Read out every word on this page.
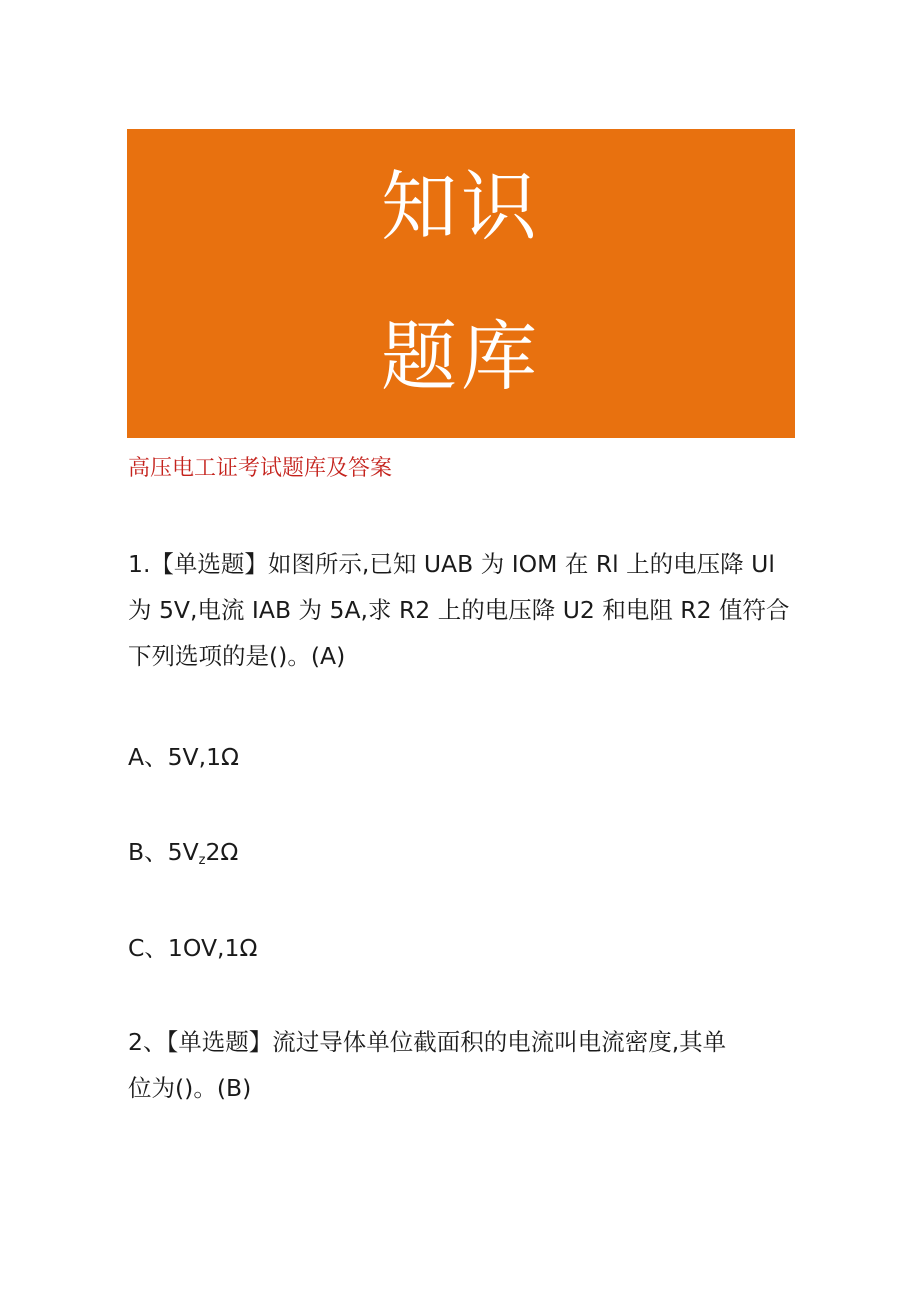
知识
题库
高压电工证考试题库及答案
1.【单选题】如图所示,已知 UAB 为 IOM 在 Rl 上的电压降 Ul
为 5V,电流 IAB 为 5A,求 R2 上的电压降 U2 和电阻 R2 值符合
下列选项的是()。(A)
A、5V,1Ω
B、5Vz2Ω
C、1OV,1Ω
2、【单选题】流过导体单位截面积的电流叫电流密度,其单
位为()。(B)
